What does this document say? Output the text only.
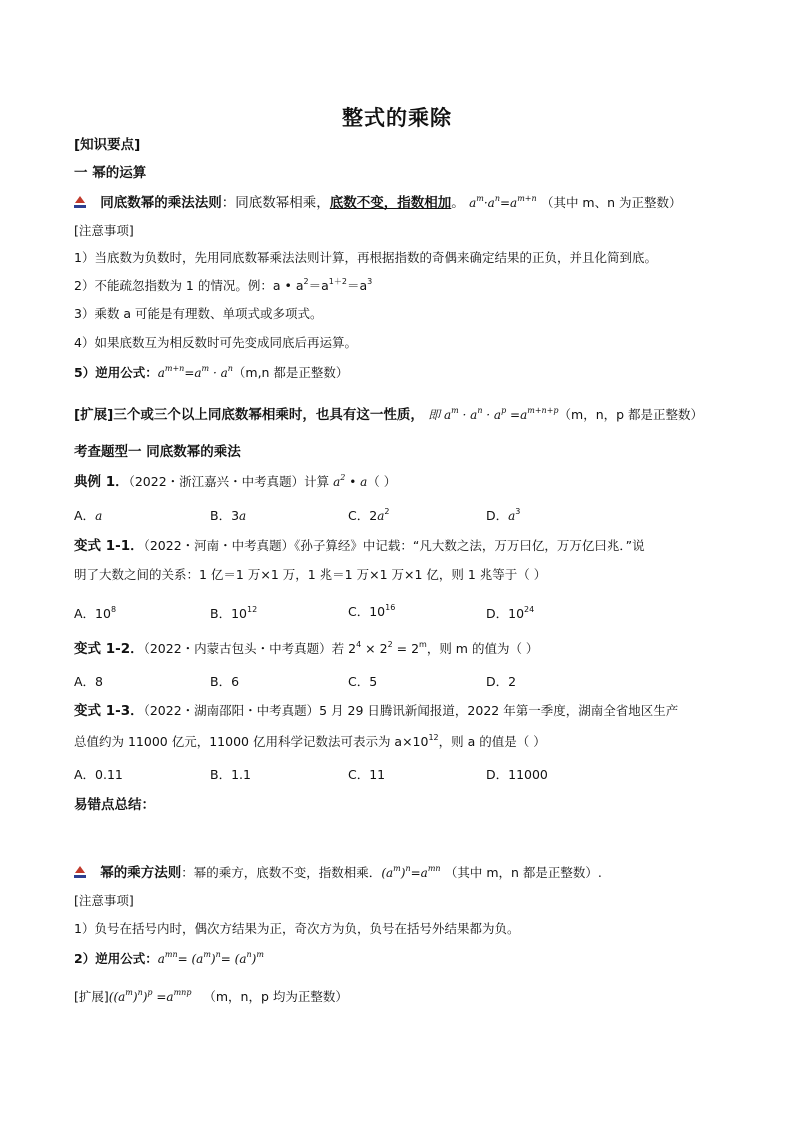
整式的乘除
[知识要点]
一 幂的运算
同底数幂的乘法法则：同底数幂相乘，底数不变，指数相加。 $a^m\cdot a^n=a^{m+n}$ （其中 m、n 为正整数）
[注意事项]
1）当底数为负数时，先用同底数幂乘法法则计算，再根据指数的奇偶来确定结果的正负，并且化简到底。
2）不能疏忽指数为 1 的情况。例：a • $a^2=a^{1+2}=a^3$
3）乘数 a 可能是有理数、单项式或多项式。
4）如果底数互为相反数时可先变成同底后再运算。
5）逆用公式：$a^{m+n}=a^m \cdot a^n(m,n$ 都是正整数）
[扩展]三个或三个以上同底数幂相乘时，也具有这一性质， 即 $a^m \cdot a^n \cdot a^p =a^{m+n+p}(m$，n，p 都是正整数）
考查题型一 同底数幂的乘法
典例 1．（2022・浙江嘉兴・中考真题）计算 $a^2$ • a（ ）
A．a	B．3a	C．$2a^2$	D．$a^3$
变式 1-1．（2022・河南・中考真题）《孙子算经》中记载：“凡大数之法，万万曰亿，万万亿曰兆．”说
明了大数之间的关系：1 亿＝1 万×1 万，1 兆＝1 万×1 万×1 亿，则 1 兆等于（ ）
A．$10^8$	B．$10^{12}$	C．$10^{16}$	D．$10^{24}$
变式 1-2．（2022・内蒙古包头・中考真题）若 $2^4 \times 2^2 = 2^m$，则 m 的值为（ ）
A．8	B．6	C．5	D．2
变式 1-3．（2022・湖南邵阳・中考真题）5 月 29 日腾讯新闻报道，2022 年第一季度，湖南全省地区生产
总值约为 11000 亿元，11000 亿用科学记数法可表示为 $a\times 10^{12}$，则 a 的值是（ ）
A．0.11	B．1.1	C．11	D．11000
易错点总结：
幂的乘方法则：幂的乘方，底数不变，指数相乘．$(a^m)^n=a^{mn}$ （其中 m，n 都是正整数）.
[注意事项]
1）负号在括号内时，偶次方结果为正，奇次方为负，负号在括号外结果都为负。
2）逆用公式：$a^{mn}= (a^m)^n= (a^n)^m$
[扩展]$((a^m)^n)^p =a^{mnp}$ （m，n，p 均为正整数）
